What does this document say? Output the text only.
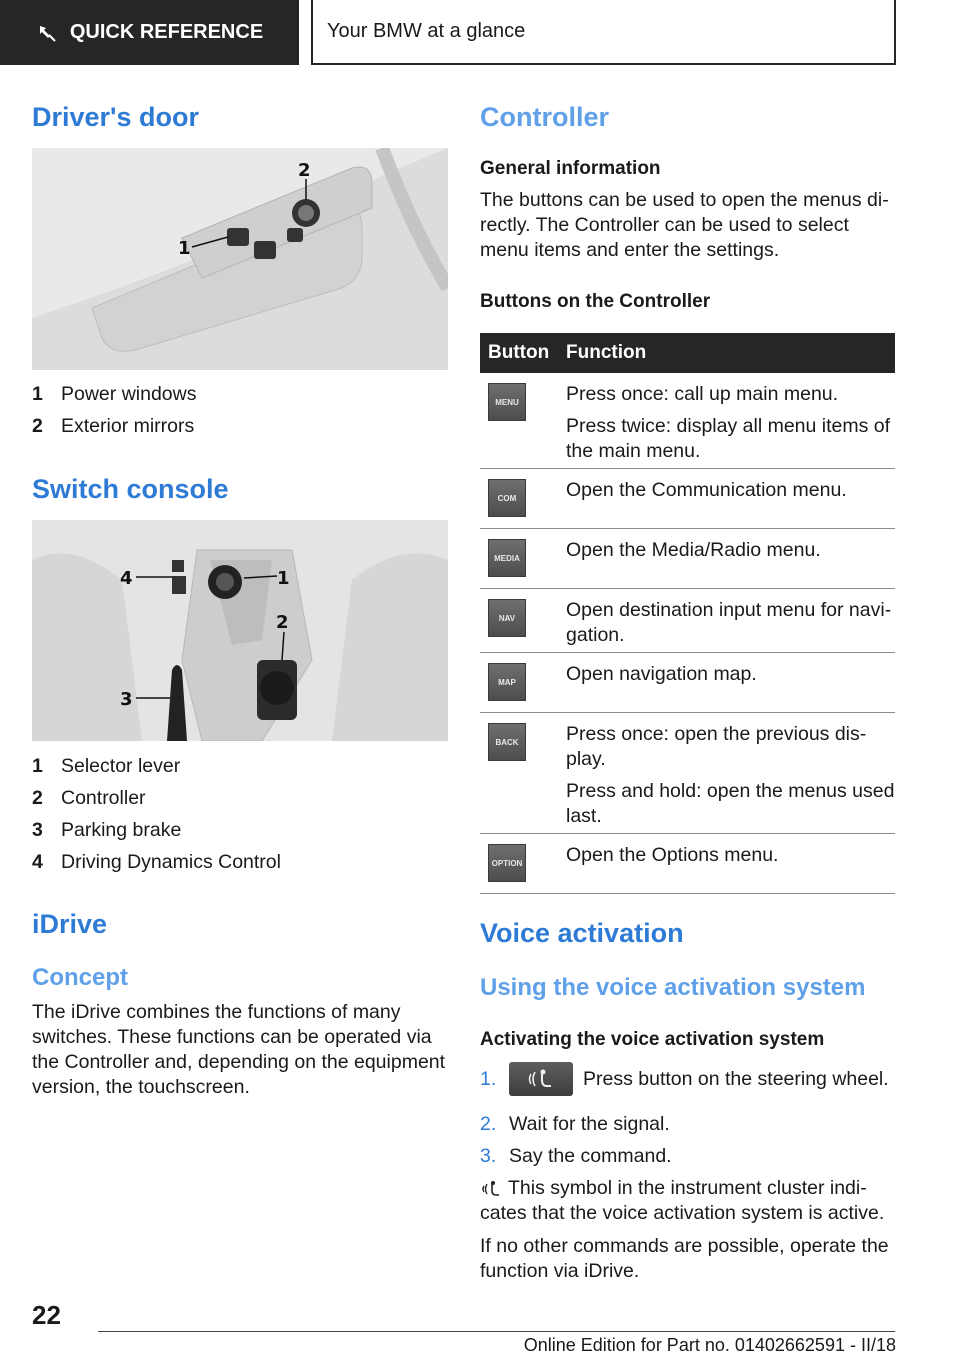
QUICK REFERENCE	Your BMW at a glance
Driver's door
1
2
1 Power windows
2 Exterior mirrors
Switch console
1
2
3
4
1 Selector lever
2 Controller
3 Parking brake
4 Driving Dynamics Control
iDrive
Concept
The iDrive combines the functions of many switches. These functions can be operated via the Controller and, depending on the equipment version, the touchscreen.
Controller
General information
The buttons can be used to open the menus di-rectly. The Controller can be used to select menu items and enter the settings.
Buttons on the Controller
Button Function
MENU	Press once: call up main menu.
Press twice: display all menu items of the main menu.
COM	Open the Communication menu.
MEDIA	Open the Media/Radio menu.
NAV	Open destination input menu for navi-gation.
MAP	Open navigation map.
BACK	Press once: open the previous dis-play.
Press and hold: open the menus used last.
OPTION Open the Options menu.
Voice activation
Using the voice activation system
Activating the voice activation system
1.	Press button on the steering wheel.
2. Wait for the signal.
3. Say the command.
This symbol in the instrument cluster indi-cates that the voice activation system is active.
If no other commands are possible, operate the function via iDrive.
22
Online Edition for Part no. 01402662591 - II/18
